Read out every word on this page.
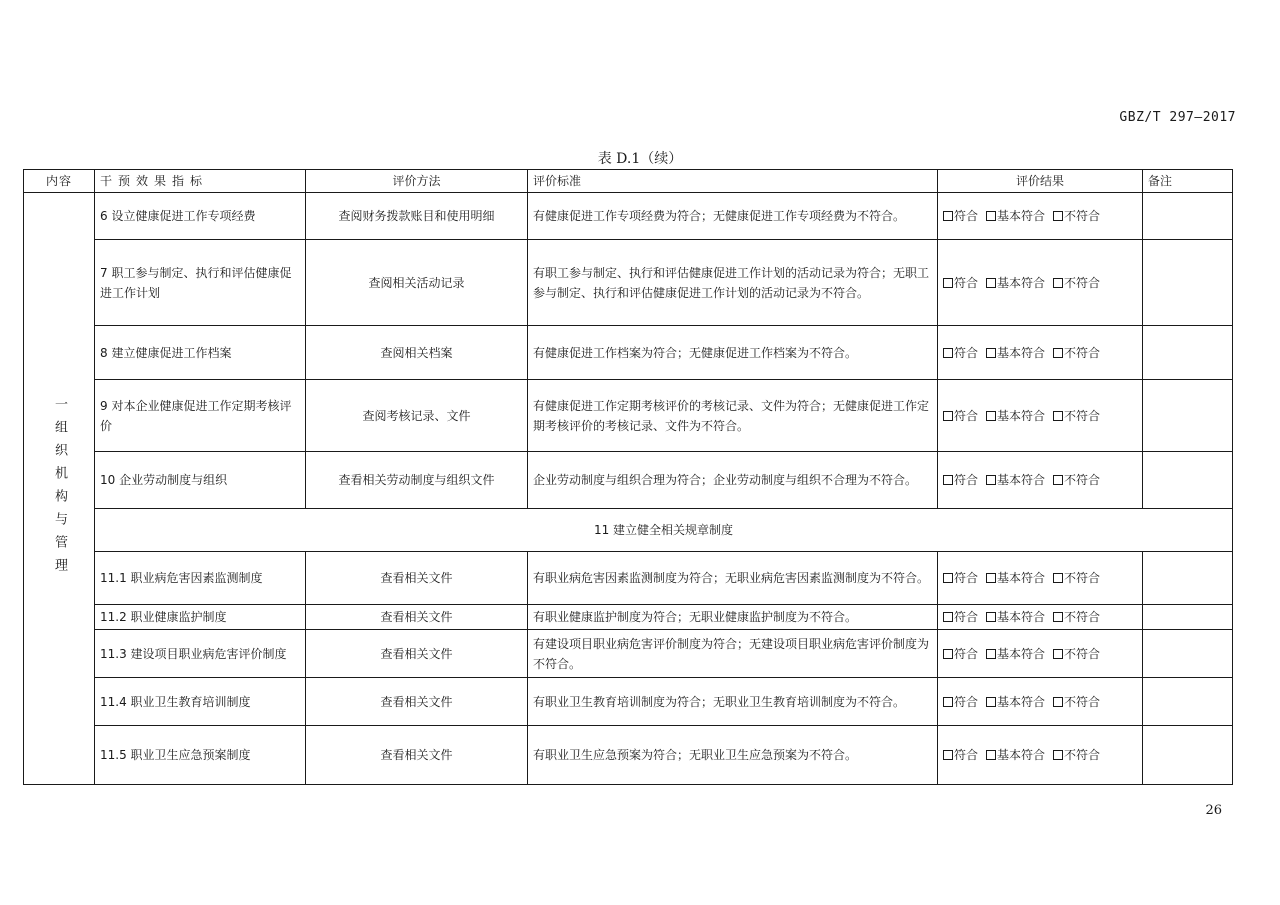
GBZ/T 297—2017
表 D.1（续）
内容	干预效果指标	评价方法	评价标准	评价结果	备注
一组织机构与管理	6 设立健康促进工作专项经费	查阅财务拨款账目和使用明细	有健康促进工作专项经费为符合；无健康促进工作专项经费为不符合。	符合 基本符合 不符合	
	7 职工参与制定、执行和评估健康促进工作计划	查阅相关活动记录	有职工参与制定、执行和评估健康促进工作计划的活动记录为符合；无职工参与制定、执行和评估健康促进工作计划的活动记录为不符合。	符合 基本符合 不符合	
	8 建立健康促进工作档案	查阅相关档案	有健康促进工作档案为符合；无健康促进工作档案为不符合。	符合 基本符合 不符合	
	9 对本企业健康促进工作定期考核评价	查阅考核记录、文件	有健康促进工作定期考核评价的考核记录、文件为符合；无健康促进工作定期考核评价的考核记录、文件为不符合。	符合 基本符合 不符合	
	10 企业劳动制度与组织	查看相关劳动制度与组织文件	企业劳动制度与组织合理为符合；企业劳动制度与组织不合理为不符合。	符合 基本符合 不符合	
	11 建立健全相关规章制度				
	11.1 职业病危害因素监测制度	查看相关文件	有职业病危害因素监测制度为符合；无职业病危害因素监测制度为不符合。	符合 基本符合 不符合	
	11.2 职业健康监护制度	查看相关文件	有职业健康监护制度为符合；无职业健康监护制度为不符合。	符合 基本符合 不符合	
	11.3 建设项目职业病危害评价制度	查看相关文件	有建设项目职业病危害评价制度为符合；无建设项目职业病危害评价制度为不符合。	符合 基本符合 不符合	
	11.4 职业卫生教育培训制度	查看相关文件	有职业卫生教育培训制度为符合；无职业卫生教育培训制度为不符合。	符合 基本符合 不符合	
	11.5 职业卫生应急预案制度	查看相关文件	有职业卫生应急预案为符合；无职业卫生应急预案为不符合。	符合 基本符合 不符合	
26
